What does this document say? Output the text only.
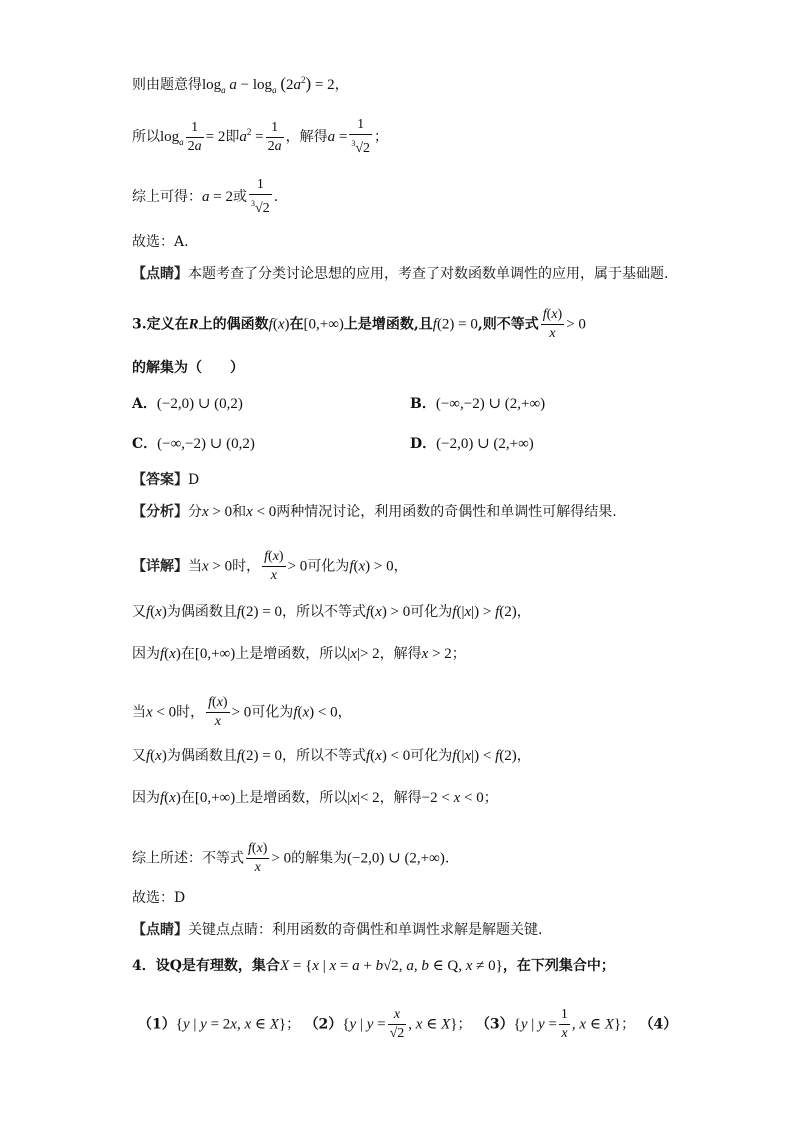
则由题意得$\log_a a - \log_a (2a^2) = 2$，
所以$\log_a \frac{1}{2a} = 2$即$a^2 = \frac{1}{2a}$ ，解得$a = \frac{1}{^3√2}$ ；
综上可得：a = 2或 $\frac{1}{^3√2}$ .
故选：A.
【点睛】本题考查了分类讨论思想的应用，考查了对数函数单调性的应用，属于基础题.
3.定义在R上的偶函数f(x)在[0,+∞)上是增函数,且f(2) = 0,则不等式 $\frac{f(x)}{x} > 0$
的解集为（　　）
A．(−2,0) ∪ (0,2)	B．(−∞,−2) ∪ (2,+∞)
C．(−∞,−2) ∪ (0,2)	D．(−2,0) ∪ (2,+∞)
【答案】D
【分析】分x > 0和x < 0两种情况讨论，利用函数的奇偶性和单调性可解得结果.
【详解】当x > 0时， $\frac{f(x)}{x} > 0$可化为f(x) > 0，
又f(x)为偶函数且f(2) = 0，所以不等式f(x) > 0可化为f(|x|) > f(2)，
因为f(x)在[0,+∞)上是增函数，所以|x|> 2，解得x > 2；
当x < 0时， $\frac{f(x)}{x} > 0$可化为f(x) < 0，
又f(x)为偶函数且f(2) = 0，所以不等式f(x) < 0可化为f(|x|) < f(2)，
因为f(x)在[0,+∞)上是增函数，所以|x|< 2，解得−2 < x < 0；
综上所述：不等式 $\frac{f(x)}{x} > 0$的解集为(−2,0) ∪ (2,+∞).
故选：D
【点睛】关键点点睛：利用函数的奇偶性和单调性求解是解题关键.
4．设Q是有理数，集合X = {x | x = a + b√2, a, b ∈ Q, x ≠ 0}，在下列集合中；
（1）{y | y = 2x, x ∈ X}； （2）{y | $y = \frac{x}{√2}$ , x ∈ X}； （3）{y | $y = \frac{1}{x}$ , x ∈ X}； （4）
